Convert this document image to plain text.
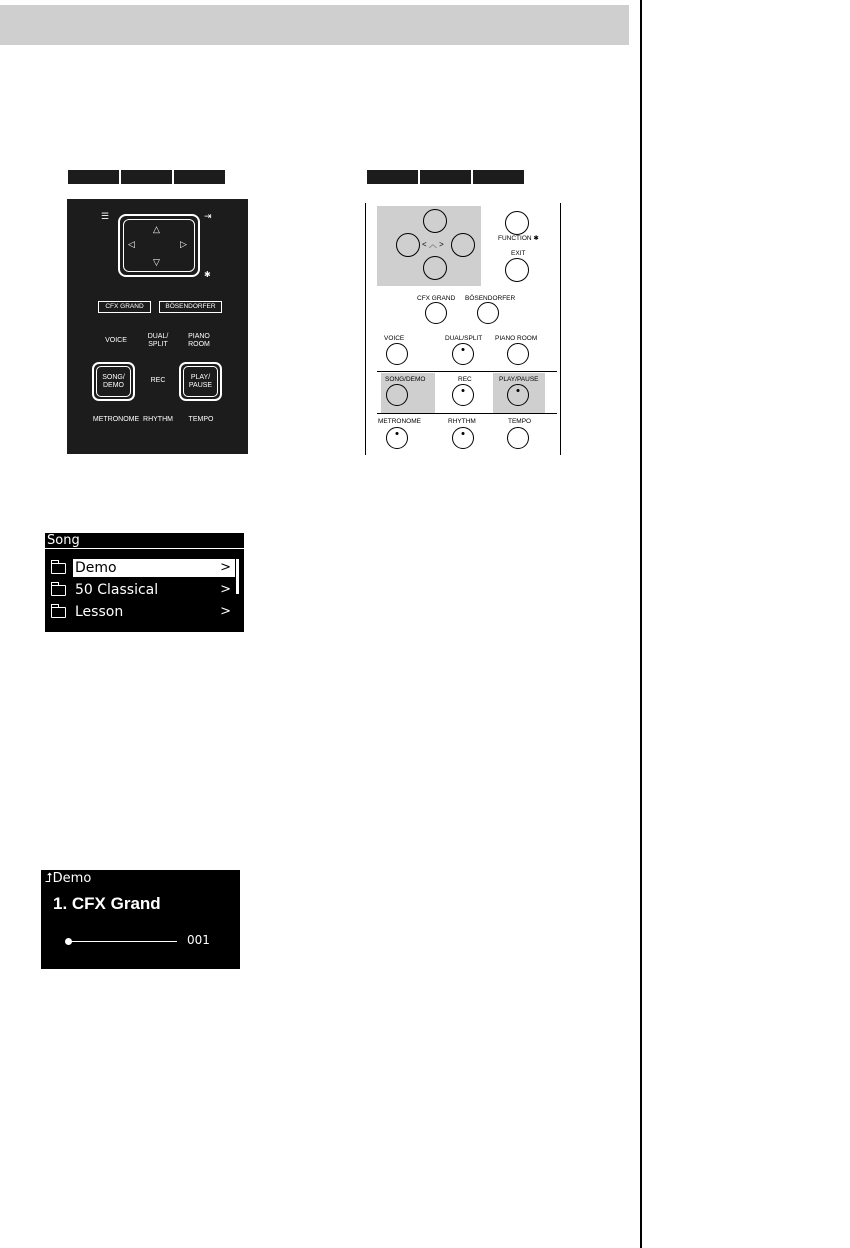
☰	⇥
△
▽
◁	▷
✱
CFX GRAND	BÖSENDORFER
VOICE
DUAL/
SPLIT
PIANO
ROOM
SONG/
DEMO
REC	PLAY/
PAUSE
METRONOME RHYTHM	TEMPO
< ︿ >
FUNCTION ✱
EXIT
CFX GRAND BÖSENDORFER
VOICE	DUAL/SPLIT PIANO ROOM
SONG/DEMO	REC	PLAY/PAUSE
METRONOME	RHYTHM	TEMPO
Song
Demo	>
50 Classical	>
Lesson	>
⮥Demo
1. CFX Grand
001
